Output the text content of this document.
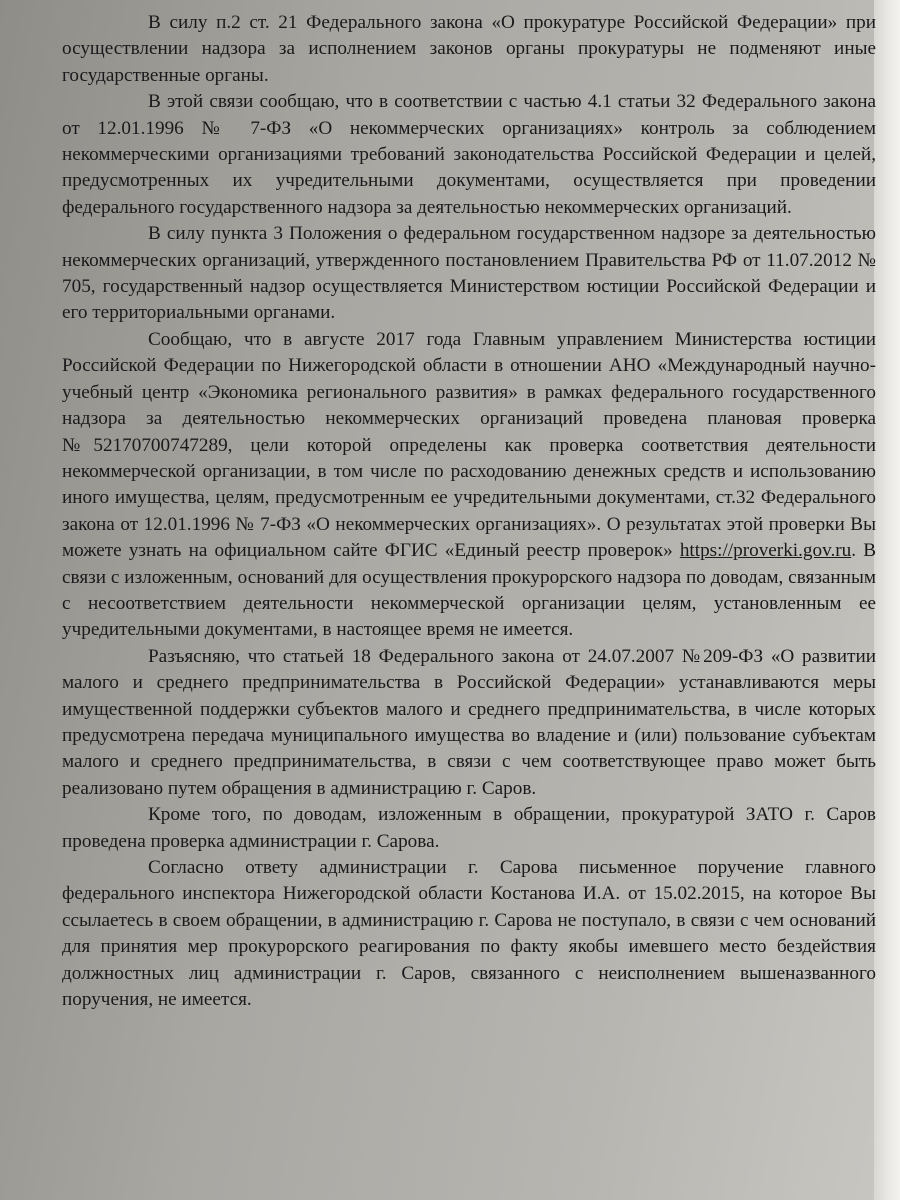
В силу п.2 ст. 21 Федерального закона «О прокуратуре Российской Федерации» при осуществлении надзора за исполнением законов органы прокуратуры не подменяют иные государственные органы.

В этой связи сообщаю, что в соответствии с частью 4.1 статьи 32 Федерального закона от 12.01.1996 № 7-ФЗ «О некоммерческих организациях» контроль за соблюдением некоммерческими организациями требований законодательства Российской Федерации и целей, предусмотренных их учредительными документами, осуществляется при проведении федерального государственного надзора за деятельностью некоммерческих организаций.

В силу пункта 3 Положения о федеральном государственном надзоре за деятельностью некоммерческих организаций, утвержденного постановлением Правительства РФ от 11.07.2012 № 705, государственный надзор осуществляется Министерством юстиции Российской Федерации и его территориальными органами.

Сообщаю, что в августе 2017 года Главным управлением Министерства юстиции Российской Федерации по Нижегородской области в отношении АНО «Международный научно-учебный центр «Экономика регионального развития» в рамках федерального государственного надзора за деятельностью некоммерческих организаций проведена плановая проверка №52170700747289, цели которой определены как проверка соответствия деятельности некоммерческой организации, в том числе по расходованию денежных средств и использованию иного имущества, целям, предусмотренным ее учредительными документами, ст.32 Федерального закона от 12.01.1996 № 7-ФЗ «О некоммерческих организациях». О результатах этой проверки Вы можете узнать на официальном сайте ФГИС «Единый реестр проверок» https://proverki.gov.ru. В связи с изложенным, оснований для осуществления прокурорского надзора по доводам, связанным с несоответствием деятельности некоммерческой организации целям, установленным ее учредительными документами, в настоящее время не имеется.

Разъясняю, что статьей 18 Федерального закона от 24.07.2007 №209-ФЗ «О развитии малого и среднего предпринимательства в Российской Федерации» устанавливаются меры имущественной поддержки субъектов малого и среднего предпринимательства, в числе которых предусмотрена передача муниципального имущества во владение и (или) пользование субъектам малого и среднего предпринимательства, в связи с чем соответствующее право может быть реализовано путем обращения в администрацию г. Саров.

Кроме того, по доводам, изложенным в обращении, прокуратурой ЗАТО г. Саров проведена проверка администрации г. Сарова.

Согласно ответу администрации г. Сарова письменное поручение главного федерального инспектора Нижегородской области Костанова И.А. от 15.02.2015, на которое Вы ссылаетесь в своем обращении, в администрацию г. Сарова не поступало, в связи с чем оснований для принятия мер прокурорского реагирования по факту якобы имевшего место бездействия должностных лиц администрации г. Саров, связанного с неисполнением вышеназванного поручения, не имеется.
